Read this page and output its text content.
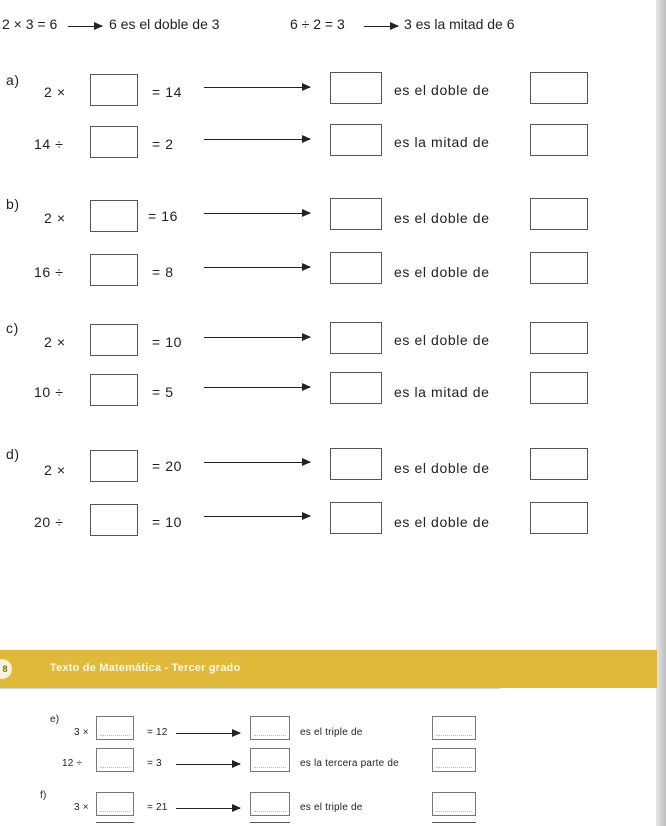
2 × 3 = 6	6 es el doble de 3	6 ÷ 2 = 3	3 es la mitad de 6
a)
2 ×	= 14	es el doble de
14 ÷	= 2	es la mitad de
b)
2 ×	= 16	es el doble de
16 ÷	= 8	es el doble de
c)
2 ×	= 10	es el doble de
10 ÷	= 5	es la mitad de
d)
2 ×	= 20	es el doble de
20 ÷	= 10	es el doble de
8	Texto de Matemática - Tercer grado
e)
3 ×	= 12	es el triple de
12 ÷	= 3	es la tercera parte de
f)
3 ×	= 21	es el triple de
